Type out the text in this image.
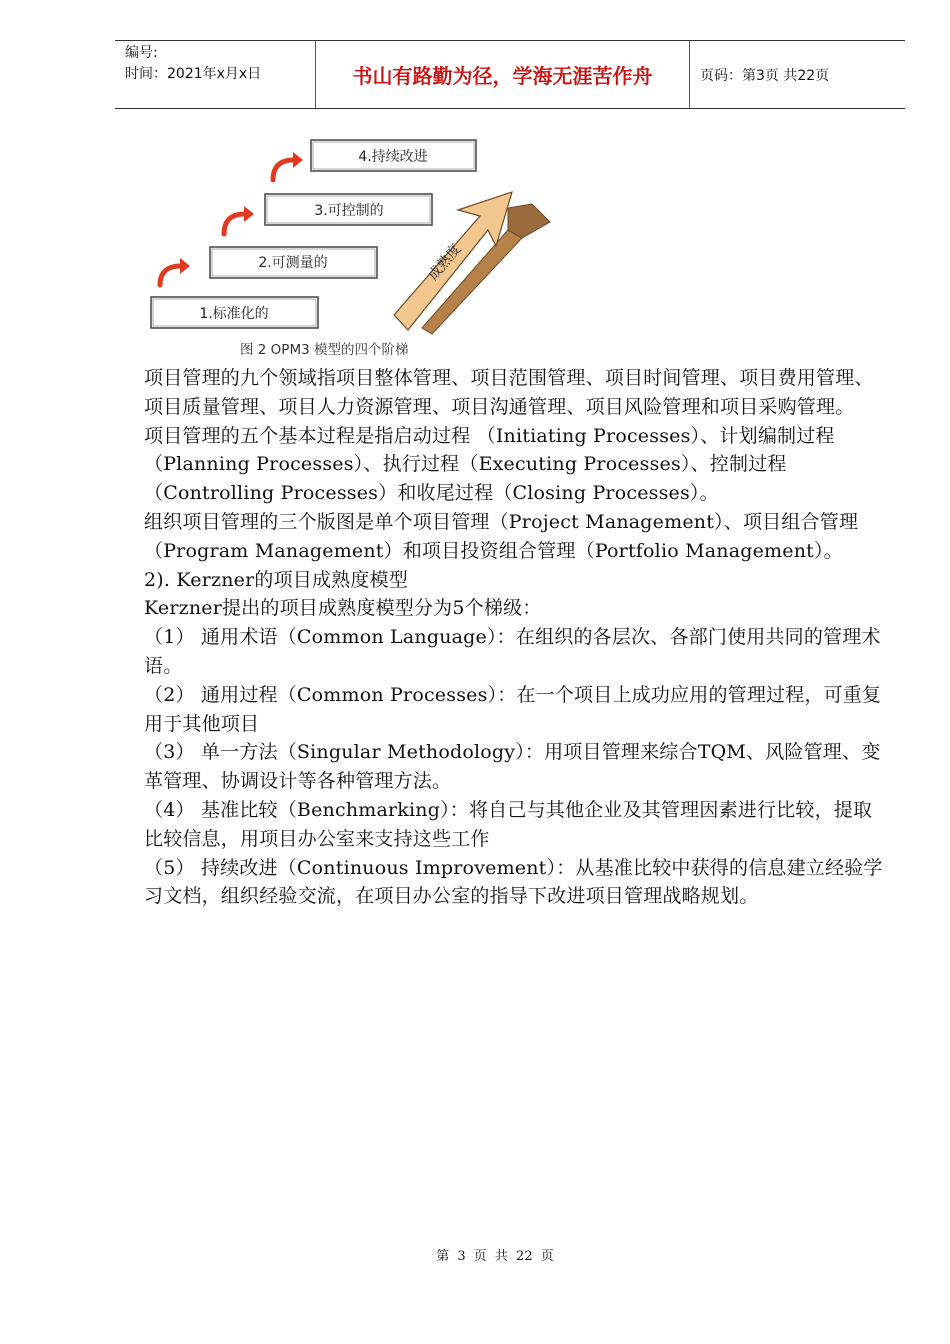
编号:
时间：2021年x月x日	书山有路勤为径，学海无涯苦作舟	页码：第3页 共22页
1.标准化的
2.可测量的
3.可控制的
4.持续改进
成熟度
图 2 OPM3 模型的四个阶梯

项目管理的九个领域指项目整体管理、项目范围管理、项目时间管理、项目费用管理、项目质量管理、项目人力资源管理、项目沟通管理、项目风险管理和项目采购管理。

项目管理的五个基本过程是指启动过程 （Initiating Processes）、计划编制过程（Planning Processes）、执行过程（Executing Processes）、控制过程（Controlling Processes）和收尾过程（Closing Processes）。

组织项目管理的三个版图是单个项目管理（Project Management）、项目组合管理（Program Management）和项目投资组合管理（Portfolio Management）。

2). Kerzner的项目成熟度模型

Kerzner提出的项目成熟度模型分为5个梯级：

（1） 通用术语（Common Language）：在组织的各层次、各部门使用共同的管理术语。

（2） 通用过程（Common Processes）：在一个项目上成功应用的管理过程，可重复用于其他项目

（3） 单一方法（Singular Methodology）：用项目管理来综合TQM、风险管理、变革管理、协调设计等各种管理方法。

（4） 基准比较（Benchmarking）：将自己与其他企业及其管理因素进行比较，提取比较信息，用项目办公室来支持这些工作

（5） 持续改进（Continuous Improvement）：从基准比较中获得的信息建立经验学习文档，组织经验交流，在项目办公室的指导下改进项目管理战略规划。

第 3 页 共 22 页
